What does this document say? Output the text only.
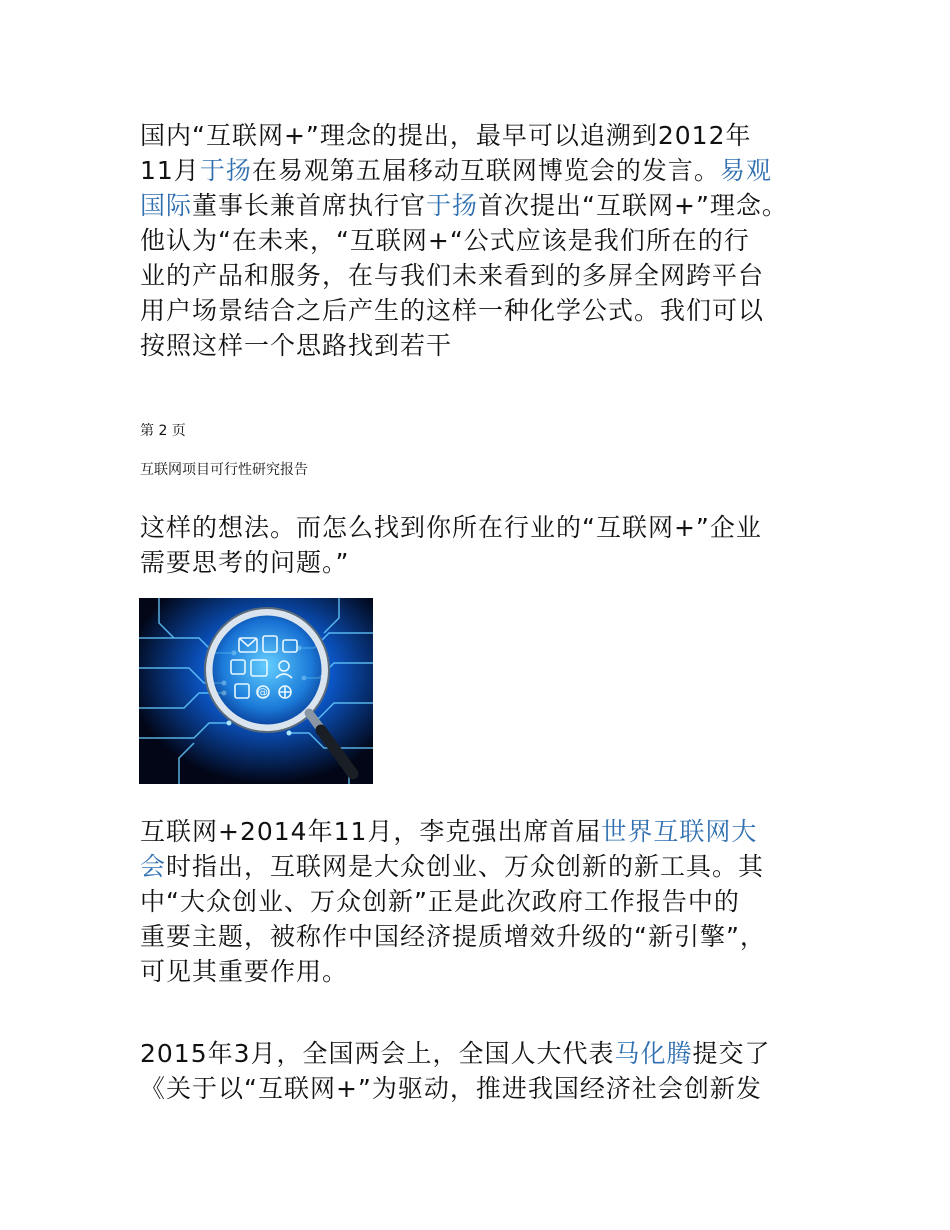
国内“互联网+”理念的提出，最早可以追溯到2012年
11月于扬在易观第五届移动互联网博览会的发言。易观
国际董事长兼首席执行官于扬首次提出“互联网+”理念。
他认为“在未来，“互联网+“公式应该是我们所在的行
业的产品和服务，在与我们未来看到的多屏全网跨平台
用户场景结合之后产生的这样一种化学公式。我们可以
按照这样一个思路找到若干

第 2 页

互联网项目可行性研究报告

这样的想法。而怎么找到你所在行业的“互联网+”企业
需要思考的问题。”

@

互联网+2014年11月，李克强出席首届世界互联网大
会时指出，互联网是大众创业、万众创新的新工具。其
中“大众创业、万众创新”正是此次政府工作报告中的
重要主题，被称作中国经济提质增效升级的“新引擎”，
可见其重要作用。

2015年3月，全国两会上，全国人大代表马化腾提交了
《关于以“互联网+”为驱动，推进我国经济社会创新发
